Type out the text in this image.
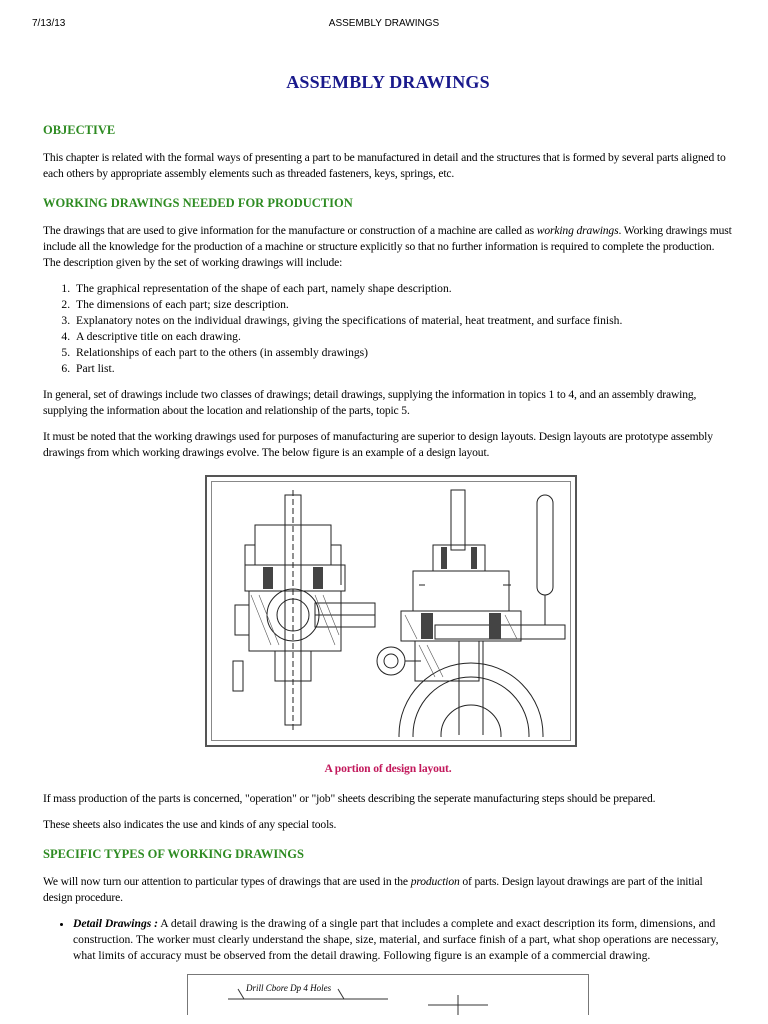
7/13/13	ASSEMBLY DRAWINGS
ASSEMBLY DRAWINGS
OBJECTIVE

This chapter is related with the formal ways of presenting a part to be manufactured in detail and the structures that is formed by several parts aligned to each others by appropriate assembly elements such as threaded fasteners, keys, springs, etc.

WORKING DRAWINGS NEEDED FOR PRODUCTION

The drawings that are used to give information for the manufacture or construction of a machine are called as working drawings. Working drawings must include all the knowledge for the production of a machine or structure explicitly so that no further information is required to complete the production. The description given by the set of working drawings will include:

1. The graphical representation of the shape of each part, namely shape description.
2. The dimensions of each part; size description.
3. Explanatory notes on the individual drawings, giving the specifications of material, heat treatment, and surface finish.
4. A descriptive title on each drawing.
5. Relationships of each part to the others (in assembly drawings)
6. Part list.

In general, set of drawings include two classes of drawings; detail drawings, supplying the information in topics 1 to 4, and an assembly drawing, supplying the information about the location and relationship of the parts, topic 5.

It must be noted that the working drawings used for purposes of manufacturing are superior to design layouts. Design layouts are prototype assembly drawings from which working drawings evolve. The below figure is an example of a design layout.

A portion of design layout.

If mass production of the parts is concerned, "operation" or "job" sheets describing the seperate manufacturing steps should be prepared.

These sheets also indicates the use and kinds of any special tools.

SPECIFIC TYPES OF WORKING DRAWINGS

We will now turn our attention to particular types of drawings that are used in the production of parts. Design layout drawings are part of the initial design procedure.

• Detail Drawings : A detail drawing is the drawing of a single part that includes a complete and exact description its form, dimensions, and construction. The worker must clearly understand the shape, size, material, and surface finish of a part, what shop operations are necessary, what limits of accuracy must be observed from the detail drawing. Following figure is an example of a commercial drawing.
Drill Cbore Dp 4 Holes
